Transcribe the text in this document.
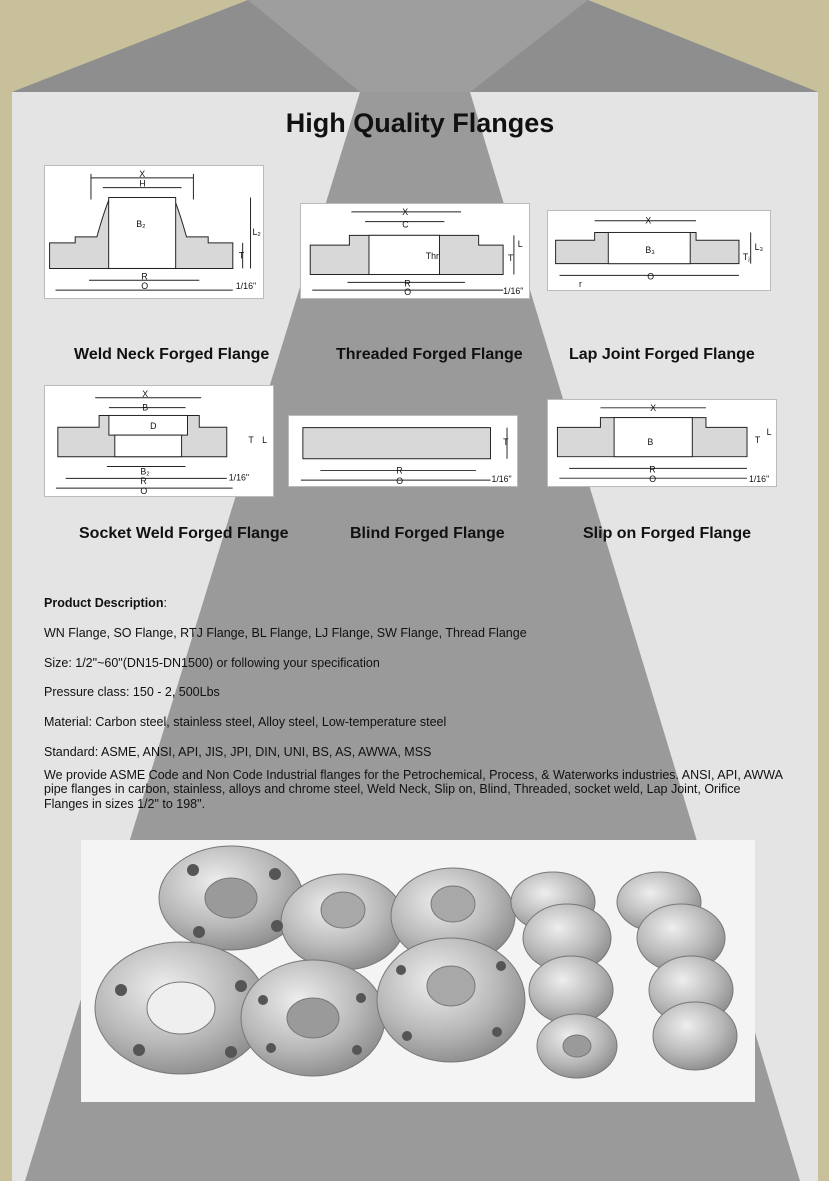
High Quality Flanges
X
H
B₂
L₂
T
R
O	1/16"
X
C
Thr
L
T
R
O	1/16"
X
B₃	L₃
Tⱼ
r
O
Weld Neck Forged Flange	Threaded Forged Flange	Lap Joint Forged Flange
X
B
D
L
T
B₂
R
O
1/16"
T
R
O	1/16"
X
B
L
T
R
O	1/16"
Socket Weld Forged Flange	Blind Forged Flange	Slip on Forged Flange

Product Description:

WN Flange, SO Flange, RTJ Flange, BL Flange, LJ Flange, SW Flange, Thread Flange

Size: 1/2"~60"(DN15-DN1500) or following your specification

Pressure class: 150 - 2, 500Lbs

Material: Carbon steel, stainless steel, Alloy steel, Low-temperature steel

Standard: ASME, ANSI, API, JIS, JPI, DIN, UNI, BS, AS, AWWA, MSS

We provide ASME Code and Non Code Industrial flanges for the Petrochemical, Process, & Waterworks industries. ANSI, API, AWWA pipe flanges in carbon, stainless, alloys and chrome steel, Weld Neck, Slip on, Blind, Threaded, socket weld, Lap Joint, Orifice Flanges in sizes 1/2" to 198".
